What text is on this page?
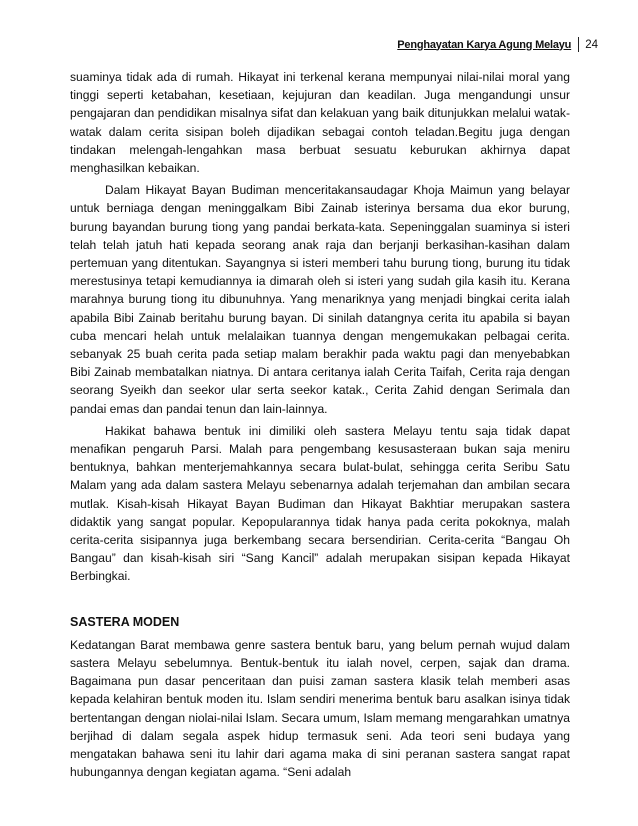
Penghayatan Karya Agung Melayu 24

suaminya tidak ada di rumah. Hikayat ini terkenal kerana mempunyai nilai-nilai moral yang tinggi seperti ketabahan, kesetiaan, kejujuran dan keadilan. Juga mengandungi unsur pengajaran dan pendidikan misalnya sifat dan kelakuan yang baik ditunjukkan melalui watak-watak dalam cerita sisipan boleh dijadikan sebagai contoh teladan.Begitu juga dengan tindakan melengah-lengahkan masa berbuat sesuatu keburukan akhirnya dapat menghasilkan kebaikan.

Dalam Hikayat Bayan Budiman menceritakansaudagar Khoja Maimun yang belayar untuk berniaga dengan meninggalkam Bibi Zainab isterinya bersama dua ekor burung, burung bayandan burung tiong yang pandai berkata-kata. Sepeninggalan suaminya si isteri telah telah jatuh hati kepada seorang anak raja dan berjanji berkasihan-kasihan dalam pertemuan yang ditentukan. Sayangnya si isteri memberi tahu burung tiong, burung itu tidak merestusinya tetapi kemudiannya ia dimarah oleh si isteri yang sudah gila kasih itu. Kerana marahnya burung tiong itu dibunuhnya. Yang menariknya yang menjadi bingkai cerita ialah apabila Bibi Zainab beritahu burung bayan. Di sinilah datangnya cerita itu apabila si bayan cuba mencari helah untuk melalaikan tuannya dengan mengemukakan pelbagai cerita. sebanyak 25 buah cerita pada setiap malam berakhir pada waktu pagi dan menyebabkan Bibi Zainab membatalkan niatnya. Di antara ceritanya ialah Cerita Taifah, Cerita raja dengan seorang Syeikh dan seekor ular serta seekor katak., Cerita Zahid dengan Serimala dan pandai emas dan pandai tenun dan lain-lainnya.

Hakikat bahawa bentuk ini dimiliki oleh sastera Melayu tentu saja tidak dapat menafikan pengaruh Parsi. Malah para pengembang kesusasteraan bukan saja meniru bentuknya, bahkan menterjemahkannya secara bulat-bulat, sehingga cerita Seribu Satu Malam yang ada dalam sastera Melayu sebenarnya adalah terjemahan dan ambilan secara mutlak. Kisah-kisah Hikayat Bayan Budiman dan Hikayat Bakhtiar merupakan sastera didaktik yang sangat popular. Kepopularannya tidak hanya pada cerita pokoknya, malah cerita-cerita sisipannya juga berkembang secara bersendirian. Cerita-cerita “Bangau Oh Bangau” dan kisah-kisah siri “Sang Kancil” adalah merupakan sisipan kepada Hikayat Berbingkai.

SASTERA MODEN

Kedatangan Barat membawa genre sastera bentuk baru, yang belum pernah wujud dalam sastera Melayu sebelumnya. Bentuk-bentuk itu ialah novel, cerpen, sajak dan drama. Bagaimana pun dasar penceritaan dan puisi zaman sastera klasik telah memberi asas kepada kelahiran bentuk moden itu. Islam sendiri menerima bentuk baru asalkan isinya tidak bertentangan dengan niolai-nilai Islam. Secara umum, Islam memang mengarahkan umatnya berjihad di dalam segala aspek hidup termasuk seni. Ada teori seni budaya yang mengatakan bahawa seni itu lahir dari agama maka di sini peranan sastera sangat rapat hubungannya dengan kegiatan agama. “Seni adalah
